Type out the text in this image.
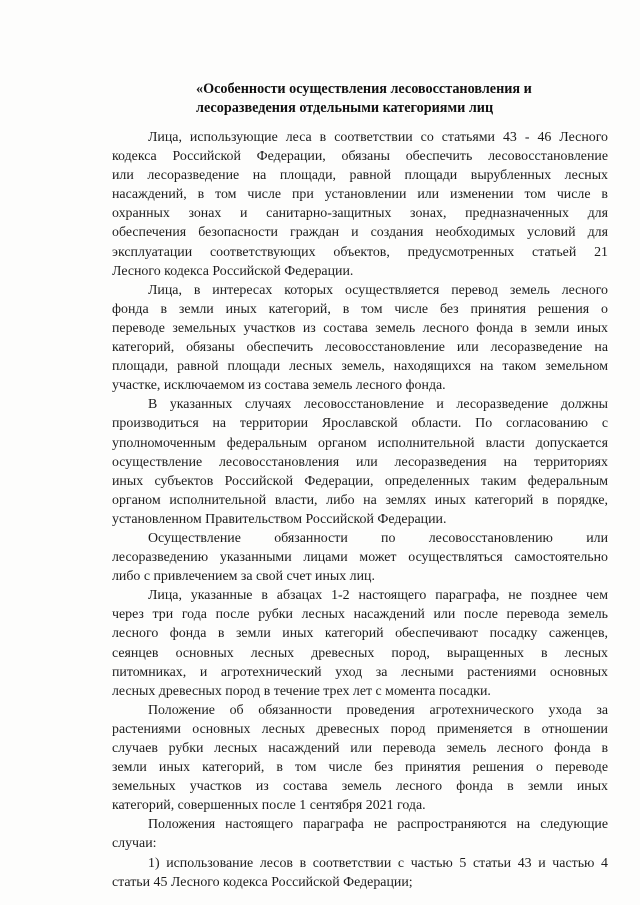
«Особенности осуществления лесовосстановления и
лесоразведения отдельными категориями лиц
Лица, использующие леса в соответствии со статьями 43 - 46 Лесного
кодекса Российской Федерации, обязаны обеспечить лесовосстановление
или лесоразведение на площади, равной площади вырубленных лесных
насаждений, в том числе при установлении или изменении том числе в
охранных зонах и санитарно-защитных зонах, предназначенных для
обеспечения безопасности граждан и создания необходимых условий для
эксплуатации соответствующих объектов, предусмотренных статьей 21
Лесного кодекса Российской Федерации.
Лица, в интересах которых осуществляется перевод земель лесного
фонда в земли иных категорий, в том числе без принятия решения о
переводе земельных участков из состава земель лесного фонда в земли иных
категорий, обязаны обеспечить лесовосстановление или лесоразведение на
площади, равной площади лесных земель, находящихся на таком земельном
участке, исключаемом из состава земель лесного фонда.
В указанных случаях лесовосстановление и лесоразведение должны
производиться на территории Ярославской области. По согласованию с
уполномоченным федеральным органом исполнительной власти допускается
осуществление лесовосстановления или лесоразведения на территориях
иных субъектов Российской Федерации, определенных таким федеральным
органом исполнительной власти, либо на землях иных категорий в порядке,
установленном Правительством Российской Федерации.
Осуществление обязанности по лесовосстановлению или
лесоразведению указанными лицами может осуществляться самостоятельно
либо с привлечением за свой счет иных лиц.
Лица, указанные в абзацах 1-2 настоящего параграфа, не позднее чем
через три года после рубки лесных насаждений или после перевода земель
лесного фонда в земли иных категорий обеспечивают посадку саженцев,
сеянцев основных лесных древесных пород, выращенных в лесных
питомниках, и агротехнический уход за лесными растениями основных
лесных древесных пород в течение трех лет с момента посадки.
Положение об обязанности проведения агротехнического ухода за
растениями основных лесных древесных пород применяется в отношении
случаев рубки лесных насаждений или перевода земель лесного фонда в
земли иных категорий, в том числе без принятия решения о переводе
земельных участков из состава земель лесного фонда в земли иных
категорий, совершенных после 1 сентября 2021 года.
Положения настоящего параграфа не распространяются на следующие
случаи:
1) использование лесов в соответствии с частью 5 статьи 43 и частью 4
статьи 45 Лесного кодекса Российской Федерации;
